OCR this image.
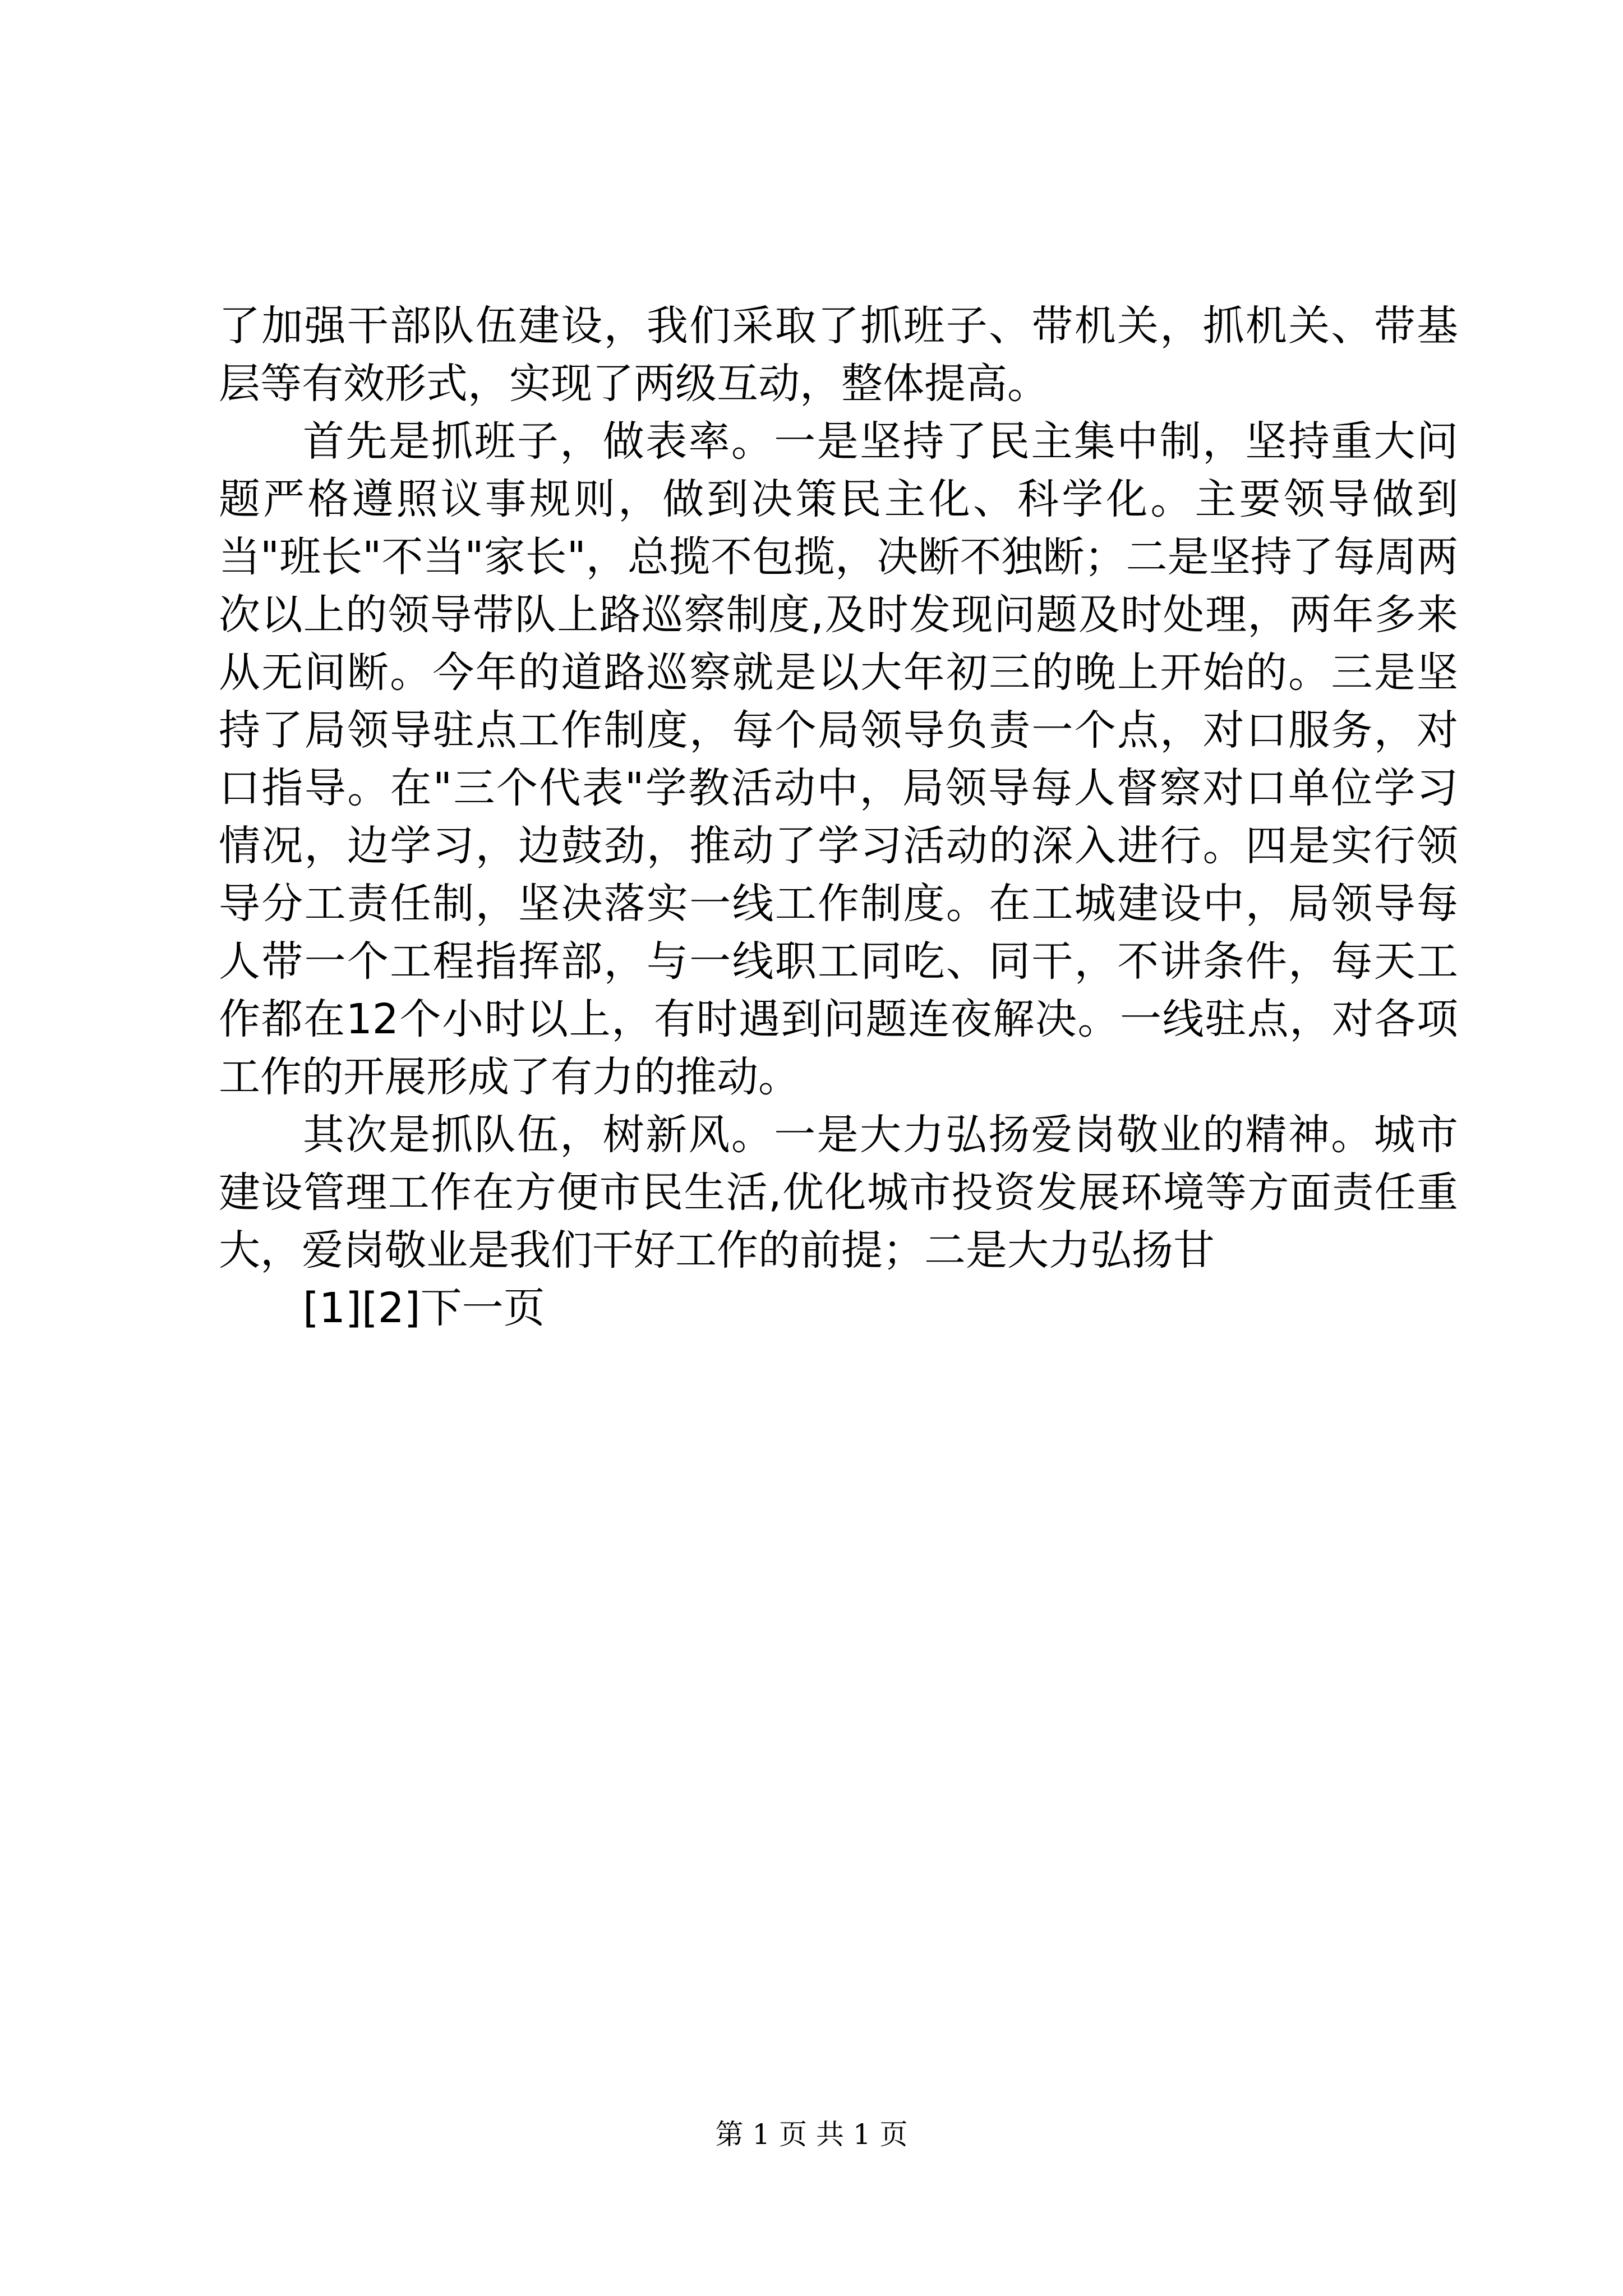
了加强干部队伍建设，我们采取了抓班子、带机关，抓机关、带基层等有效形式，实现了两级互动，整体提高。

首先是抓班子，做表率。一是坚持了民主集中制，坚持重大问题严格遵照议事规则，做到决策民主化、科学化。主要领导做到当"班长"不当"家长"，总揽不包揽，决断不独断；二是坚持了每周两次以上的领导带队上路巡察制度,及时发现问题及时处理，两年多来从无间断。今年的道路巡察就是以大年初三的晚上开始的。三是坚持了局领导驻点工作制度，每个局领导负责一个点，对口服务，对口指导。在"三个代表"学教活动中，局领导每人督察对口单位学习情况，边学习，边鼓劲，推动了学习活动的深入进行。四是实行领导分工责任制，坚决落实一线工作制度。在工城建设中，局领导每人带一个工程指挥部，与一线职工同吃、同干，不讲条件，每天工作都在12个小时以上，有时遇到问题连夜解决。一线驻点，对各项工作的开展形成了有力的推动。

其次是抓队伍，树新风。一是大力弘扬爱岗敬业的精神。城市建设管理工作在方便市民生活,优化城市投资发展环境等方面责任重大，爱岗敬业是我们干好工作的前提；二是大力弘扬甘

[1][2]下一页

第 1 页 共 1 页
